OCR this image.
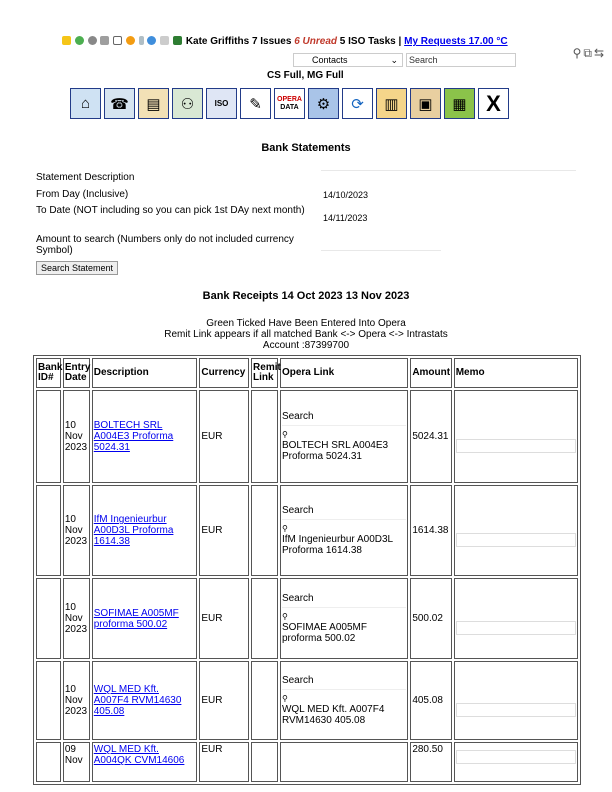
Kate Griffiths 7 Issues 6 Unread 5 ISO Tasks | My Requests 17.00 °C
⚲⧉⇆
Contacts	⌄	Search
CS Full, MG Full
⌂	☎	▤	⚇	ISO	✎	OPERA
DATA	⚙	⟳	▥	▣	▦ X
Bank Statements
Statement Description
From Day (Inclusive)	14/10/2023
To Date (NOT including so you can pick 1st DAy next month)
14/11/2023
Amount to search (Numbers only do not included currency Symbol)
Search Statement
Bank Receipts 14 Oct 2023 13 Nov 2023
Green Ticked Have Been Entered Into Opera
Remit Link appears if all matched Bank <-> Opera <-> Intrastats
Account :87399700
Bank ID#	Entry Date	Description	Currency	Remit Link	Opera Link	Amount	Memo
	10
Nov
2023	BOLTECH SRL A004E3 Proforma 5024.31	EUR		Search
⚲
BOLTECH SRL A004E3 Proforma 5024.31	5024.31	

	10
Nov
2023	IfM Ingenieurbur A00D3L Proforma 1614.38	EUR		Search
⚲
IfM Ingenieurbur A00D3L Proforma 1614.38	1614.38	

	10
Nov
2023	SOFIMAE A005MF proforma 500.02	EUR		Search
⚲
SOFIMAE A005MF proforma 500.02	500.02	

	10
Nov
2023	WQL MED Kft. A007F4 RVM14630 405.08	EUR		Search
⚲
WQL MED Kft. A007F4 RVM14630 405.08	405.08	

	09
Nov	WQL MED Kft. A004QK CVM14606	EUR			280.50	
